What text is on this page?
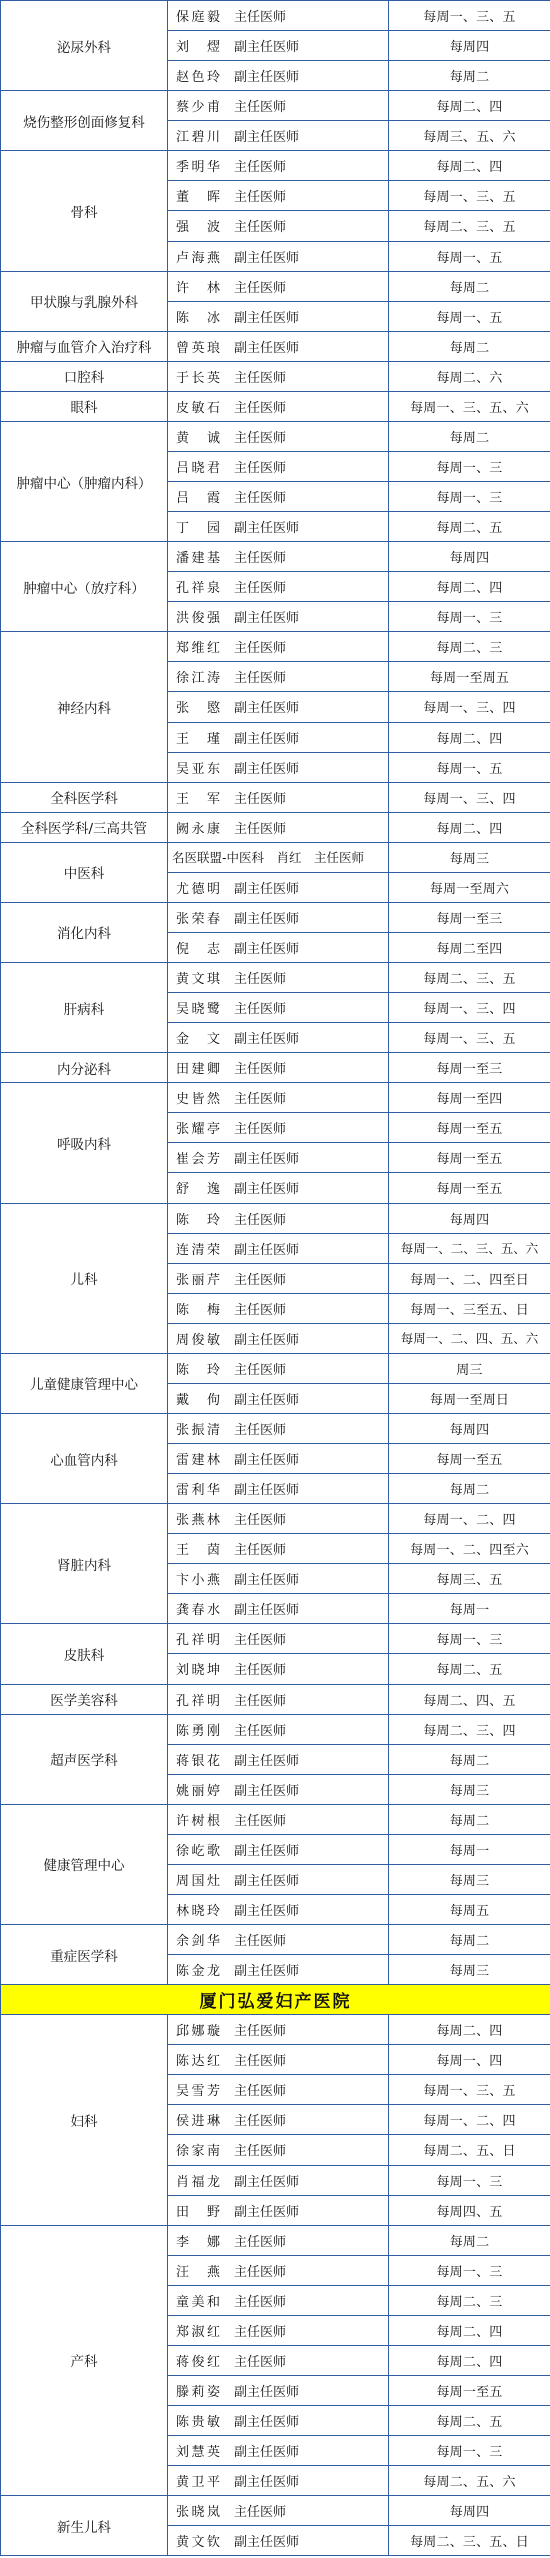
泌尿外科	保庭毅 主任医师	每周一、三、五
	刘　熤 副主任医师	每周四
	赵色玲 副主任医师	每周二
烧伤整形创面修复科	蔡少甫 主任医师	每周二、四
	江碧川 副主任医师	每周三、五、六
骨科	季明华 主任医师	每周二、四
	董　晖 主任医师	每周一、三、五
	强　波 主任医师	每周二、三、五
	卢海燕 副主任医师	每周一、五
甲状腺与乳腺外科	许　林 主任医师	每周二
	陈　冰 副主任医师	每周一、五
肿瘤与血管介入治疗科	曾英琅 副主任医师	每周二
口腔科	于长英 主任医师	每周二、六
眼科	皮敏石 主任医师	每周一、三、五、六
肿瘤中心（肿瘤内科）	黄　诚 主任医师	每周二
	吕晓君 主任医师	每周一、三
	吕　霞 主任医师	每周一、三
	丁　园 副主任医师	每周二、五
肿瘤中心（放疗科）	潘建基 主任医师	每周四
	孔祥泉 主任医师	每周二、四
	洪俊强 副主任医师	每周一、三
神经内科	郑维红 主任医师	每周二、三
	徐江涛 主任医师	每周一至周五
	张　愍 副主任医师	每周一、三、四
	王　瑾 副主任医师	每周二、四
	吴亚东 副主任医师	每周一、五
全科医学科	王　军 主任医师	每周一、三、四
全科医学科/三高共管	阙永康 主任医师	每周二、四
中医科	名医联盟-中医科　肖红　主任医师	每周三
	尤德明 副主任医师	每周一至周六
消化内科	张荣春 副主任医师	每周一至三
	倪　志 副主任医师	每周二至四
肝病科	黄文琪 主任医师	每周二、三、五
	吴晓鹭 主任医师	每周一、三、四
	金　文 副主任医师	每周一、三、五
内分泌科	田建卿 主任医师	每周一至三
呼吸内科	史皆然 主任医师	每周一至四
	张耀亭 主任医师	每周一至五
	崔会芳 副主任医师	每周一至五
	舒　逸 副主任医师	每周一至五
儿科	陈　玲 主任医师	每周四
	连清荣 副主任医师	每周一、二、三、五、六
	张丽芹 主任医师	每周一、二、四至日
	陈　梅 主任医师	每周一、三至五、日
	周俊敏 副主任医师	每周一、二、四、五、六
儿童健康管理中心	陈　玲 主任医师	周三
	戴　佝 副主任医师	每周一至周日
心血管内科	张振清 主任医师	每周四
	雷建林 副主任医师	每周一至五
	雷利华 副主任医师	每周二
肾脏内科	张燕林 主任医师	每周一、二、四
	王　茵 主任医师	每周一、二、四至六
	卞小燕 副主任医师	每周三、五
	龚春水 副主任医师	每周一
皮肤科	孔祥明 主任医师	每周一、三
	刘晓坤 主任医师	每周二、五
医学美容科	孔祥明 主任医师	每周二、四、五
超声医学科	陈勇刚 主任医师	每周二、三、四
	蒋银花 副主任医师	每周二
	姚丽婷 副主任医师	每周三
健康管理中心	许树根 主任医师	每周二
	徐屹歌 副主任医师	每周一
	周国灶 副主任医师	每周三
	林晓玲 副主任医师	每周五
重症医学科	余剑华 主任医师	每周二
	陈金龙 副主任医师	每周三
厦门弘爱妇产医院		
妇科	邱娜璇 主任医师	每周二、四
	陈达红 主任医师	每周一、四
	吴雪芳 主任医师	每周一、三、五
	侯进琳 主任医师	每周一、二、四
	徐家南 主任医师	每周二、五、日
	肖福龙 副主任医师	每周一、三
	田　野 副主任医师	每周四、五
产科	李　娜 主任医师	每周二
	汪　燕 主任医师	每周一、三
	童美和 主任医师	每周二、三
	郑淑红 主任医师	每周二、四
	蒋俊红 主任医师	每周二、四
	滕莉姿 副主任医师	每周一至五
	陈贵敏 副主任医师	每周二、五
	刘慧英 副主任医师	每周一、三
	黄卫平 副主任医师	每周二、五、六
新生儿科	张晓岚 主任医师	每周四
	黄文钦 副主任医师	每周二、三、五、日
